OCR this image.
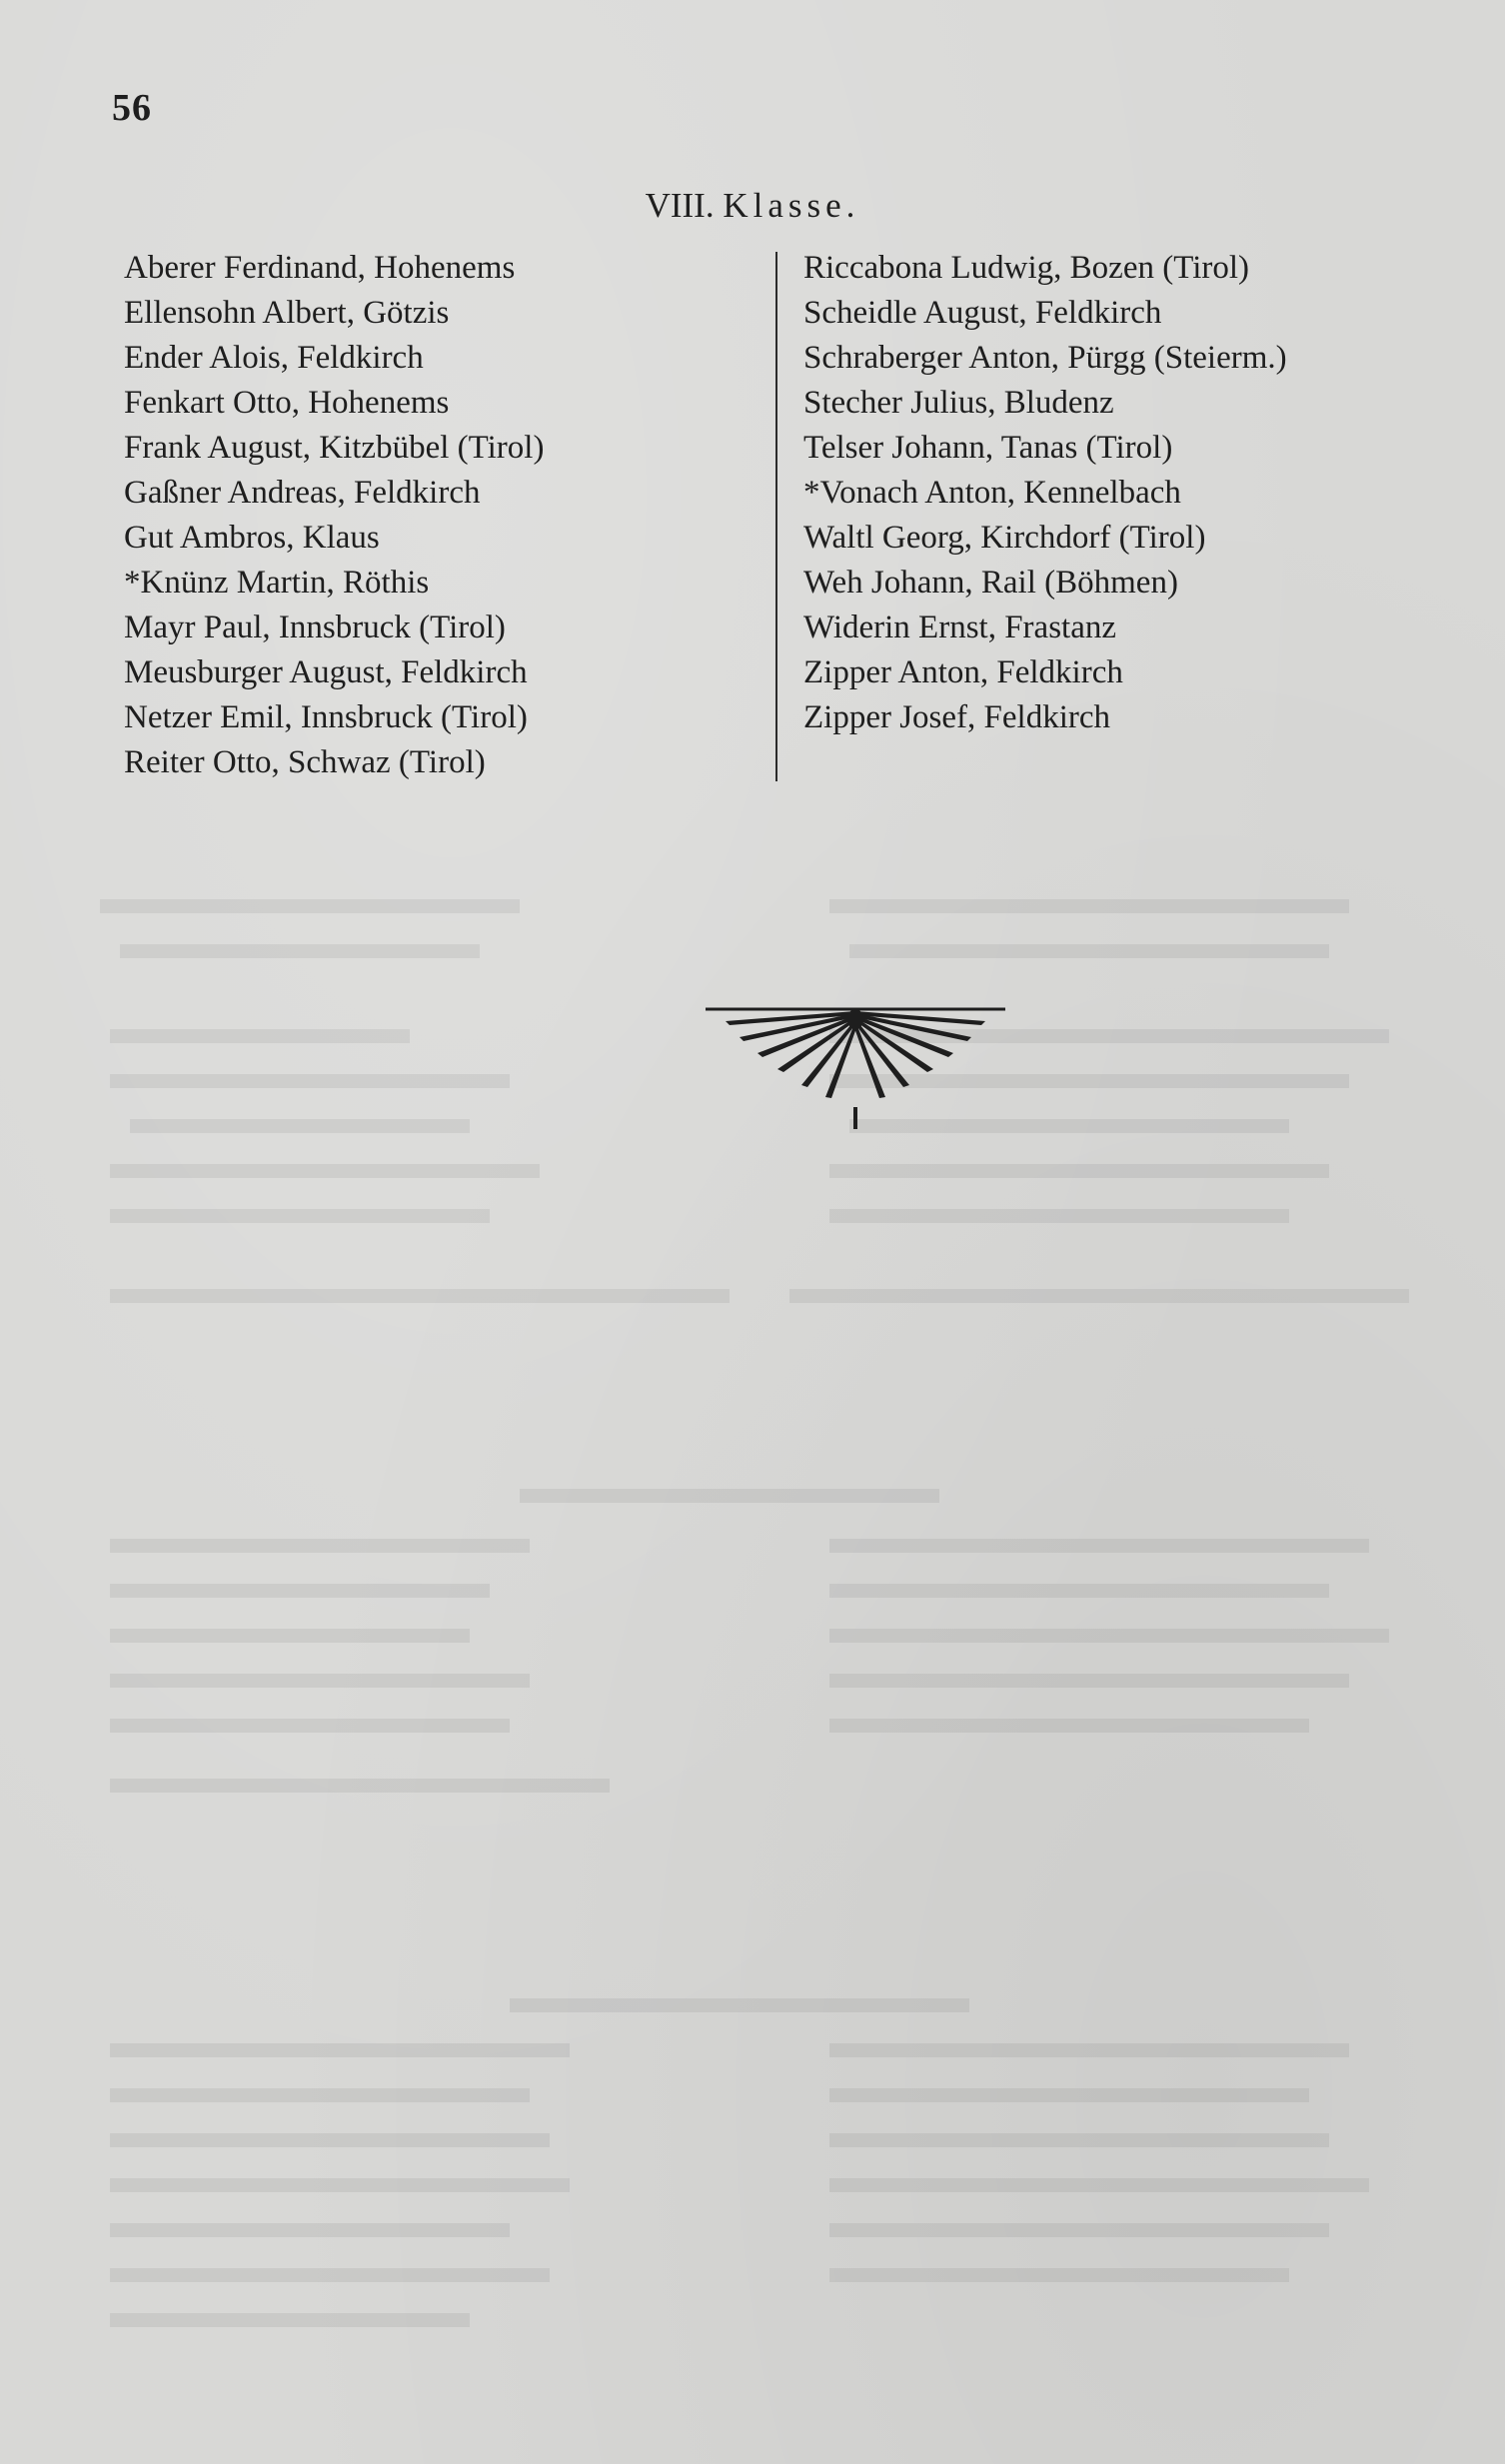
56
VIII. Klasse.
Aberer Ferdinand, Hohenems
Ellensohn Albert, Götzis
Ender Alois, Feldkirch
Fenkart Otto, Hohenems
Frank August, Kitzbübel (Tirol)
Gaßner Andreas, Feldkirch
Gut Ambros, Klaus
*Knünz Martin, Röthis
Mayr Paul, Innsbruck (Tirol)
Meusburger August, Feldkirch
Netzer Emil, Innsbruck (Tirol)
Reiter Otto, Schwaz (Tirol)
Riccabona Ludwig, Bozen (Tirol)
Scheidle August, Feldkirch
Schraberger Anton, Pürgg (Steierm.)
Stecher Julius, Bludenz
Telser Johann, Tanas (Tirol)
*Vonach Anton, Kennelbach
Waltl Georg, Kirchdorf (Tirol)
Weh Johann, Rail (Böhmen)
Widerin Ernst, Frastanz
Zipper Anton, Feldkirch
Zipper Josef, Feldkirch
